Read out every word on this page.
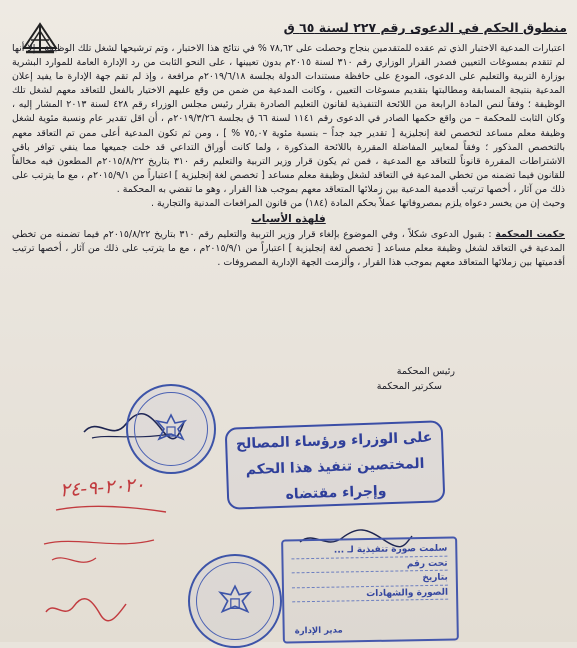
منطوق الحكم في الدعوى رقم ٢٢٧ لسنة ٦٥ ق

اعتبارات المدعية الاختبار الذي تم عقده للمتقدمين بنجاح وحصلت على ٧٨,٦٢ % في نتائج هذا الاختبار ، وتم ترشيحها لشغل تلك الوظيفة ، إلا أنها لم تتقدم بمسوغات التعيين فصدر القرار الوزاري رقم ٣١٠ لسنة ٢٠١٥م بدون تعيينها ، على النحو الثابت من رد الإدارة العامة للموارد البشرية بوزارة التربية والتعليم على الدعوى، المودع على حافظة مستندات الدولة بجلسة ٢٠١٩/٦/١٨م مرافعة ، وإذ لم تقم جهة الإدارة ما يفيد إعلان المدعية بنتيجة المسابقة ومطالبتها بتقديم مسوغات التعيين ، وكانت المدعية من ضمن من وقع عليهم الاختيار بالفعل للتعاقد معهم لشغل تلك الوظيفة ؛ وفقاً لنص المادة الرابعة من اللائحة التنفيذية لقانون التعليم الصادرة بقرار رئيس مجلس الوزراء رقم ٤٢٨ لسنة ٢٠١٣ المشار إليه ، وكان الثابت للمحكمة – من واقع حكمها الصادر في الدعوى رقم ١١٤١ لسنة ٦٦ ق بجلسة ٢٠١٩/٣/٢٦م ، أن اقل تقدير عام ونسبة مئوية لشغل وظيفة معلم مساعد لتخصص لغة إنجليزية [ تقدير جيد جداً – بنسبة مئوية ٧٥,٠٧ % ] ، ومن ثم تكون المدعية أعلى ممن تم التعاقد معهم بالتخصص المذكور ؛ وفقاً لمعايير المفاضلة المقررة باللائحة المذكورة ، ولما كانت أوراق التداعي قد خلت جميعها مما ينفي توافر باقي الاشتراطات المقررة قانوناً للتعاقد مع المدعية ، فمن ثم يكون قرار وزير التربية والتعليم رقم ٣١٠ بتاريخ ٢٠١٥/٨/٢٢م المطعون فيه مخالفاً للقانون فيما تضمنه من تخطي المدعية في التعاقد لشغل وظيفة معلم مساعد [ تخصص لغة إنجليزية ] اعتباراً من ٢٠١٥/٩/١م ، مع ما يترتب على ذلك من آثار ، أخصها ترتيب أقدمية المدعية بين زملائها المتعاقد معهم بموجب هذا القرار ، وهو ما تقضي به المحكمة .

وحيث إن من يخسر دعواه يلزم بمصروفاتها عملاً بحكم المادة (١٨٤) من قانون المرافعات المدنية والتجارية .

فلهذه الأسباب

حكمت المحكمة : بقبول الدعوى شكلاً ، وفي الموضوع بإلغاء قرار وزير التربية والتعليم رقم ٣١٠ بتاريخ ٢٠١٥/٨/٢٢م فيما تضمنه من تخطي المدعية في التعاقد لشغل وظيفة معلم مساعد [ تخصص لغة إنجليزية ] اعتباراً من ٢٠١٥/٩/١م ، مع ما يترتب على ذلك من آثار ، أخصها ترتيب أقدميتها بين زملائها المتعاقد معهم بموجب هذا القرار ، وألزمت الجهة الإدارية المصروفات .

رئيس المحكمة
سكرتير المحكمة
على الوزراء ورؤساء المصالح
المختصين تنفيذ هذا الحكم
وإجراء مقتضاه
٢٠٢٠-٩-٢٤
سلمت صورة تنفيذية لـ ...
تحت رقم
بتاريخ
الصورة والشهادات
مدير الإدارة
